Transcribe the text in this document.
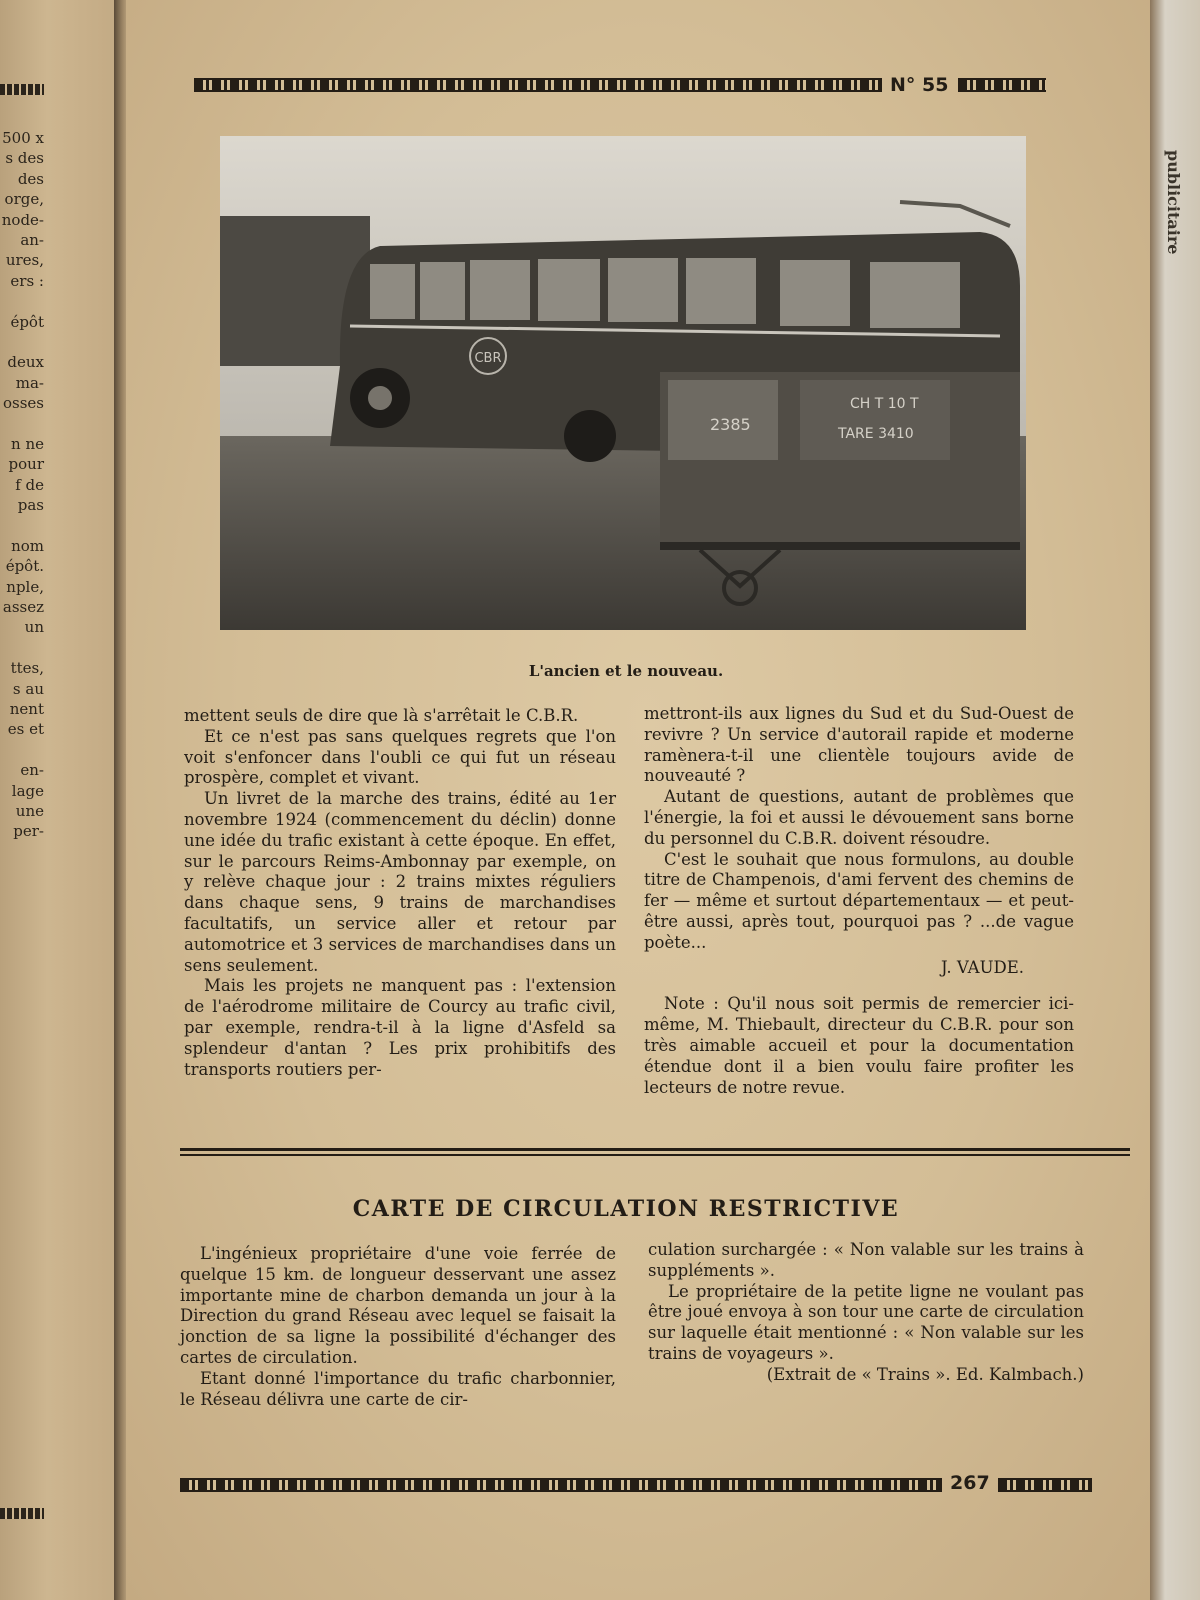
500 x
s des
des
orge,
node-
an-
ures,
ers :
épôt
deux
ma-
osses
n ne
pour
f de
pas
nom
épôt.
nple,
assez
un
ttes,
s au
nent
es et
en-
lage
une
per-
N° 55
CBR
2385
CH T 10 T
TARE 3410
L'ancien et le nouveau.

mettent seuls de dire que là s'arrêtait le C.B.R.

Et ce n'est pas sans quelques regrets que l'on voit s'enfoncer dans l'oubli ce qui fut un réseau prospère, complet et vivant.

Un livret de la marche des trains, édité au 1er novembre 1924 (commencement du déclin) donne une idée du trafic existant à cette époque. En effet, sur le parcours Reims-Ambonnay par exemple, on y relève chaque jour : 2 trains mixtes réguliers dans chaque sens, 9 trains de marchandises facultatifs, un service aller et retour par automotrice et 3 services de marchandises dans un sens seulement.

Mais les projets ne manquent pas : l'extension de l'aérodrome militaire de Courcy au trafic civil, par exemple, rendra-t-il à la ligne d'Asfeld sa splendeur d'antan ? Les prix prohibitifs des transports routiers per-

mettront-ils aux lignes du Sud et du Sud-Ouest de revivre ? Un service d'autorail rapide et moderne ramènera-t-il une clientèle toujours avide de nouveauté ?

Autant de questions, autant de problèmes que l'énergie, la foi et aussi le dévouement sans borne du personnel du C.B.R. doivent résoudre.

C'est le souhait que nous formulons, au double titre de Champenois, d'ami fervent des chemins de fer — même et surtout départementaux — et peut-être aussi, après tout, pourquoi pas ? ...de vague poète...

J. VAUDE.

Note : Qu'il nous soit permis de remercier ici-même, M. Thiebault, directeur du C.B.R. pour son très aimable accueil et pour la documentation étendue dont il a bien voulu faire profiter les lecteurs de notre revue.

CARTE DE CIRCULATION RESTRICTIVE

L'ingénieux propriétaire d'une voie ferrée de quelque 15 km. de longueur desservant une assez importante mine de charbon demanda un jour à la Direction du grand Réseau avec lequel se faisait la jonction de sa ligne la possibilité d'échanger des cartes de circulation.

Etant donné l'importance du trafic charbonnier, le Réseau délivra une carte de cir-

culation surchargée : « Non valable sur les trains à suppléments ».

Le propriétaire de la petite ligne ne voulant pas être joué envoya à son tour une carte de circulation sur laquelle était mentionné : « Non valable sur les trains de voyageurs ».

(Extrait de « Trains ». Ed. Kalmbach.)

267
publicitaire
